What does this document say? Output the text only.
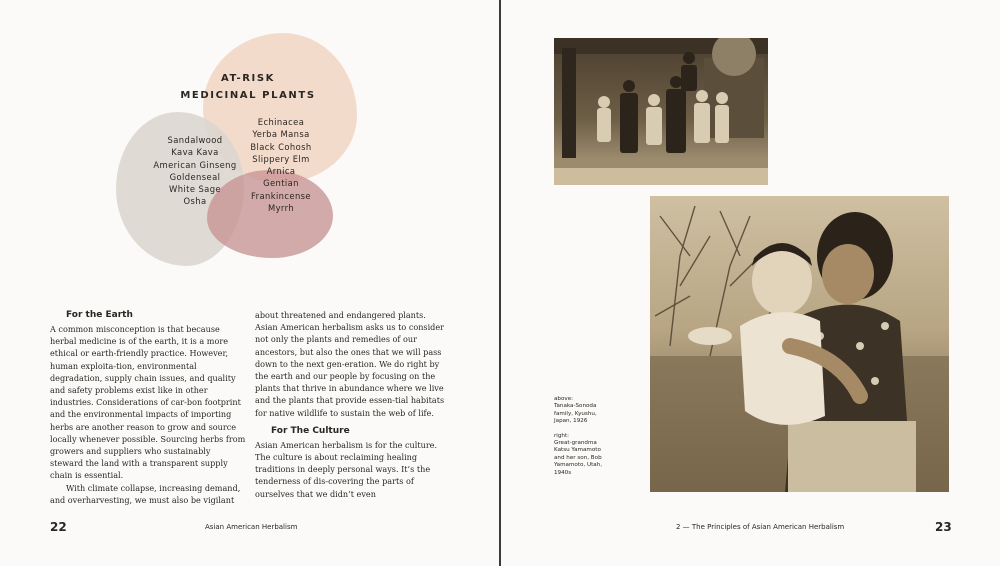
AT-RISK
MEDICINAL PLANTS
Sandalwood
Kava Kava
American Ginseng
Goldenseal
White Sage
Osha
Echinacea
Yerba Mansa
Black Cohosh
Slippery Elm
Arnica
Gentian
Frankincense
Myrrh

For the Earth

A common misconception is that because herbal medicine is of the earth, it is a more ethical or earth-friendly practice. However, human exploita-tion, environmental degradation, supply chain issues, and quality and safety problems exist like in other industries. Considerations of car-bon footprint and the environmental impacts of importing herbs are another reason to grow and source locally whenever possible. Sourcing herbs from growers and suppliers who sustainably steward the land with a transparent supply chain is essential.

With climate collapse, increasing demand, and overharvesting, we must also be vigilant

about threatened and endangered plants. Asian American herbalism asks us to consider not only the plants and remedies of our ancestors, but also the ones that we will pass down to the next gen-eration. We do right by the earth and our people by focusing on the plants that thrive in abundance where we live and the plants that provide essen-tial habitats for native wildlife to sustain the web of life.

For The Culture

Asian American herbalism is for the culture. The culture is about reclaiming healing traditions in deeply personal ways. It’s the tenderness of dis-covering the parts of ourselves that we didn’t even

22	Asian American Herbalism

above:

Tanaka-Sonoda

family, Kyushu,

Japan, 1926

right:

Great-grandma

Katsu Yamamoto

and her son, Bob

Yamamoto, Utah,

1940s

2 — The Principles of Asian American Herbalism	23
